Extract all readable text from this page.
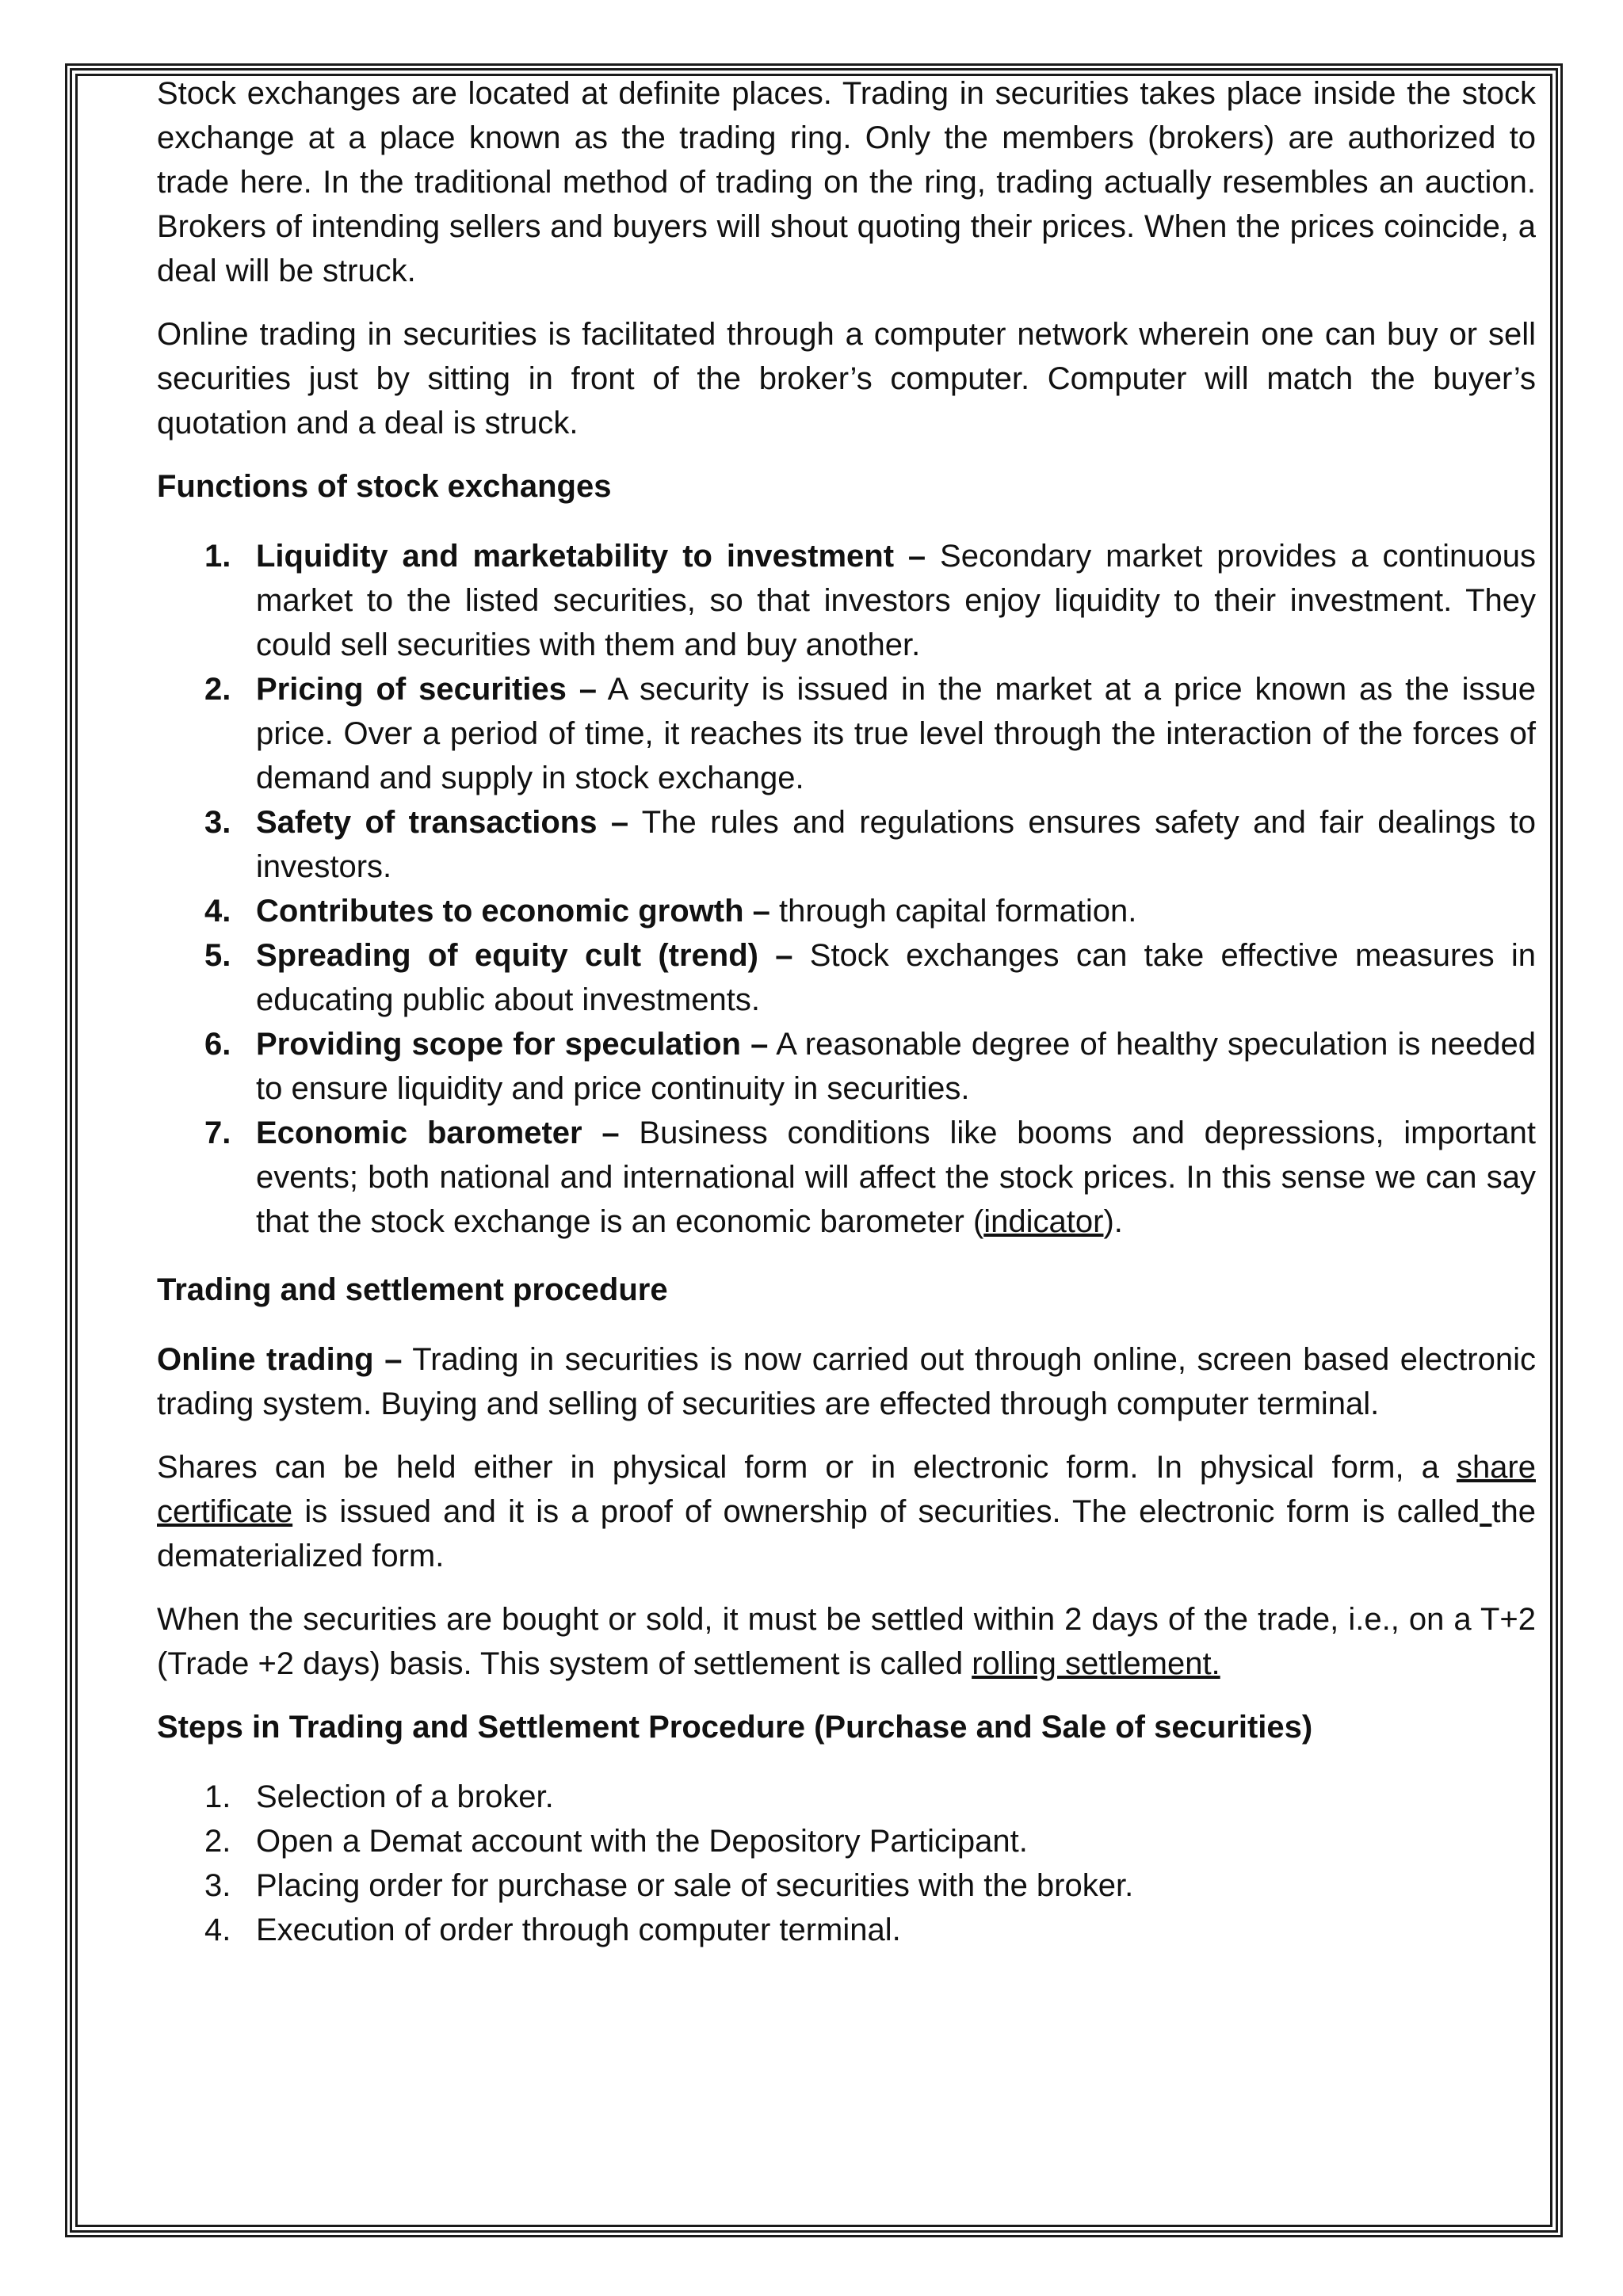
Stock exchanges are located at definite places. Trading in securities takes place inside the stock exchange at a place known as the trading ring. Only the members (brokers) are authorized to trade here. In the traditional method of trading on the ring, trading actually resembles an auction. Brokers of intending sellers and buyers will shout quoting their prices. When the prices coincide, a deal will be struck.

Online trading in securities is facilitated through a computer network wherein one can buy or sell securities just by sitting in front of the broker’s computer. Computer will match the buyer’s quotation and a deal is struck.

Functions of stock exchanges

1. Liquidity and marketability to investment – Secondary market provides a continuous market to the listed securities, so that investors enjoy liquidity to their investment. They could sell securities with them and buy another.
2. Pricing of securities – A security is issued in the market at a price known as the issue price. Over a period of time, it reaches its true level through the interaction of the forces of demand and supply in stock exchange.
3. Safety of transactions – The rules and regulations ensures safety and fair dealings to investors.
4. Contributes to economic growth – through capital formation.
5. Spreading of equity cult (trend) – Stock exchanges can take effective measures in educating public about investments.
6. Providing scope for speculation – A reasonable degree of healthy speculation is needed to ensure liquidity and price continuity in securities.
7. Economic barometer – Business conditions like booms and depressions, important events; both national and international will affect the stock prices. In this sense we can say that the stock exchange is an economic barometer (indicator).

Trading and settlement procedure

Online trading – Trading in securities is now carried out through online, screen based electronic trading system. Buying and selling of securities are effected through computer terminal.

Shares can be held either in physical form or in electronic form. In physical form, a share certificate is issued and it is a proof of ownership of securities. The electronic form is called the dematerialized form.

When the securities are bought or sold, it must be settled within 2 days of the trade, i.e., on a T+2 (Trade +2 days) basis. This system of settlement is called rolling settlement.

Steps in Trading and Settlement Procedure (Purchase and Sale of securities)

1. Selection of a broker.
2. Open a Demat account with the Depository Participant.
3. Placing order for purchase or sale of securities with the broker.
4. Execution of order through computer terminal.
